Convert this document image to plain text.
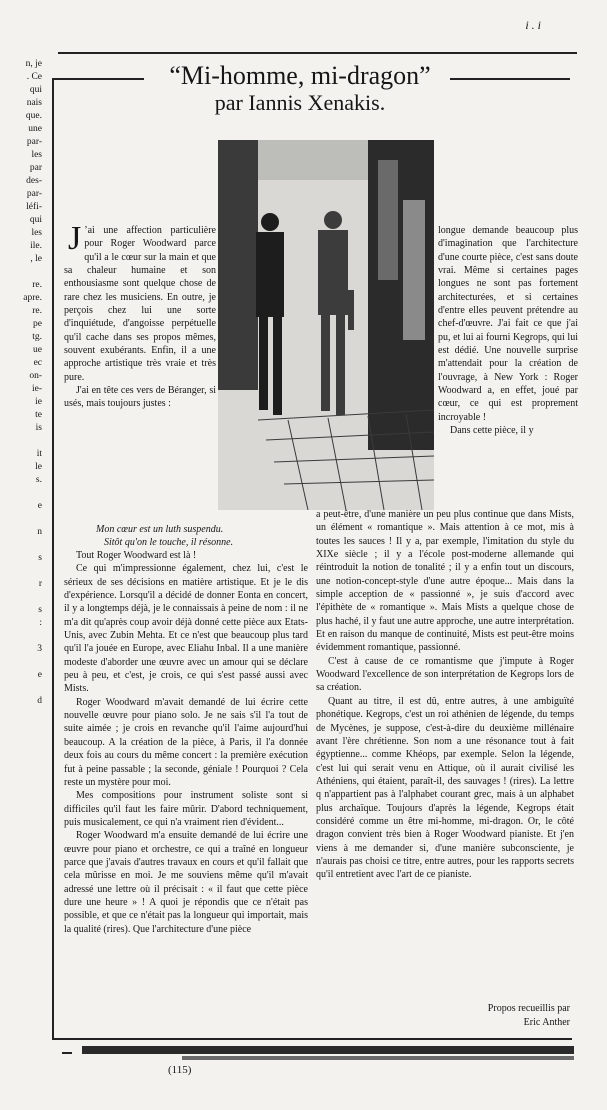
i . i
n, je
. Ce
qui
nais
que.
une
par-
les
par
des-
par-
léfi-
qui
les
ile.
, le

re.
apre.
re.
pe
tg.
ue
ec
on-
ie-
ie
te
is

it
le
s.

e

n

s

r

s
:

3

e

d
“Mi-homme, mi-dragon”
par Iannis Xenakis.

J ’ai une affection particulière pour Roger Woodward parce qu'il a le cœur sur la main et que sa chaleur humaine et son enthousiasme sont quelque chose de rare chez les musiciens. En outre, je perçois chez lui une sorte d'inquiétude, d'angoisse perpétuelle qu'il cache dans ses propos mêmes, souvent exubérants. Enfin, il a une approche artistique très vraie et très pure.

J'ai en tête ces vers de Béranger, si usés, mais toujours justes :

longue demande beaucoup plus d'imagination que l'architecture d'une courte pièce, c'est sans doute vrai. Même si certaines pages longues ne sont pas fortement architecturées, et si certaines d'entre elles peuvent prétendre au chef-d'œuvre. J'ai fait ce que j'ai pu, et lui ai fourni Kegrops, qui lui est dédié. Une nouvelle surprise m'attendait pour la création de l'ouvrage, à New York : Roger Woodward a, en effet, joué par cœur, ce qui est proprement incroyable !

Dans cette pièce, il y

Mon cœur est un luth suspendu.
Sitôt qu'on le touche, il résonne.

Tout Roger Woodward est là !

Ce qui m'impressionne également, chez lui, c'est le sérieux de ses décisions en matière artistique. Et je le dis d'expérience. Lorsqu'il a décidé de donner Eonta en concert, il y a longtemps déjà, je le connaissais à peine de nom : il ne m'a dit qu'après coup avoir déjà donné cette pièce aux Etats-Unis, avec Zubin Mehta. Et ce n'est que beaucoup plus tard qu'il l'a jouée en Europe, avec Eliahu Inbal. Il a une manière modeste d'aborder une œuvre avec un amour qui se déclare peu à peu, et c'est, je crois, ce qui s'est passé aussi avec Mists.

Roger Woodward m'avait demandé de lui écrire cette nouvelle œuvre pour piano solo. Je ne sais s'il l'a tout de suite aimée ; je crois en revanche qu'il l'aime aujourd'hui beaucoup. A la création de la pièce, à Paris, il l'a donnée deux fois au cours du même concert : la première exécution fut à peine passable ; la seconde, géniale ! Pourquoi ? Cela reste un mystère pour moi.

Mes compositions pour instrument soliste sont si difficiles qu'il faut les faire mûrir. D'abord techniquement, puis musicalement, ce qui n'a vraiment rien d'évident...

Roger Woodward m'a ensuite demandé de lui écrire une œuvre pour piano et orchestre, ce qui a traîné en longueur parce que j'avais d'autres travaux en cours et qu'il fallait que cela mûrisse en moi. Je me souviens même qu'il m'avait adressé une lettre où il précisait : « il faut que cette pièce dure une heure » ! A quoi je répondis que ce n'était pas possible, et que ce n'était pas la longueur qui importait, mais la qualité (rires). Que l'architecture d'une pièce

a peut-être, d'une manière un peu plus continue que dans Mists, un élément « romantique ». Mais attention à ce mot, mis à toutes les sauces ! Il y a, par exemple, l'imitation du style du XIXe siècle ; il y a l'école post-moderne allemande qui réintroduit la notion de tonalité ; il y a enfin tout un discours, une notion-concept-style d'une autre époque... Mais dans la simple acception de « passionné », je suis d'accord avec l'épithète de « romantique ». Mais Mists a quelque chose de plus haché, il y faut une autre approche, une autre interprétation. Et en raison du manque de continuité, Mists est peut-être moins évidemment romantique, passionné.

C'est à cause de ce romantisme que j'impute à Roger Woodward l'excellence de son interprétation de Kegrops lors de sa création.

Quant au titre, il est dû, entre autres, à une ambiguïté phonétique. Kegrops, c'est un roi athénien de légende, du temps de Mycènes, je suppose, c'est-à-dire du deuxième millénaire avant l'ère chrétienne. Son nom a une résonance tout à fait égyptienne... comme Khéops, par exemple. Selon la légende, c'est lui qui serait venu en Attique, où il aurait civilisé les Athéniens, qui étaient, paraît-il, des sauvages ! (rires). La lettre q n'appartient pas à l'alphabet courant grec, mais à un alphabet plus archaïque. Toujours d'après la légende, Kegrops était considéré comme un être mi-homme, mi-dragon. Or, le côté dragon convient très bien à Roger Woodward pianiste. Et j'en viens à me demander si, d'une manière subconsciente, je n'aurais pas choisi ce titre, entre autres, pour les rapports secrets qu'il entretient avec l'art de ce pianiste.

Propos recueillis par
Eric Anther
(115)
